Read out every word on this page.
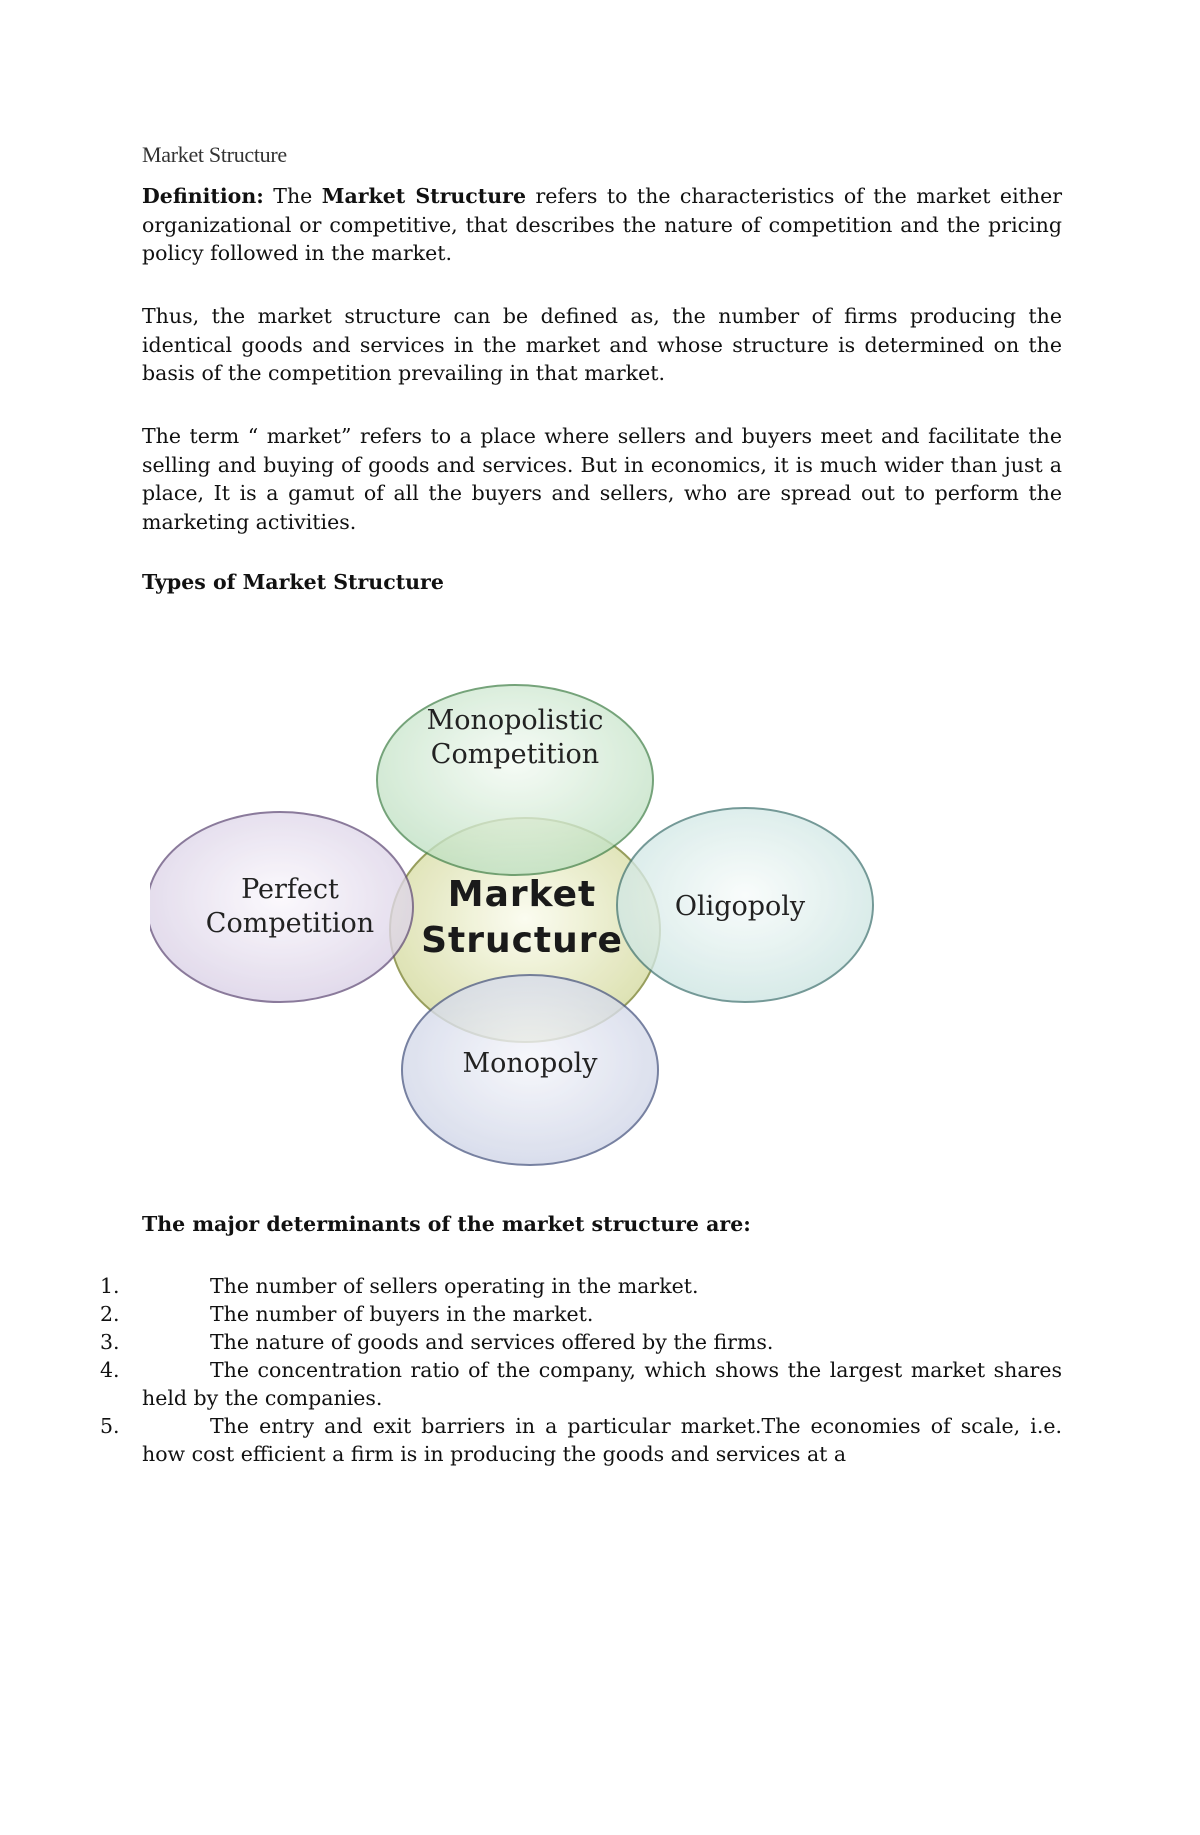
Market Structure

Definition: The Market Structure refers to the characteristics of the market either organizational or competitive, that describes the nature of competition and the pricing policy followed in the market.

Thus, the market structure can be defined as, the number of firms producing the identical goods and services in the market and whose structure is determined on the basis of the competition prevailing in that market.

The term “ market” refers to a place where sellers and buyers meet and facilitate the selling and buying of goods and services. But in economics, it is much wider than just a place, It is a gamut of all the buyers and sellers, who are spread out to perform the marketing activities.

Types of Market Structure

Monopolistic
Competition
Perfect
Competition
Oligopoly
Monopoly
Market
Structure

The major determinants of the market structure are:

1.	The number of sellers operating in the market.
2.	The number of buyers in the market.
3.	The nature of goods and services offered by the firms.
4.	The concentration ratio of the company, which shows the largest market shares held by the companies.
5.	The entry and exit barriers in a particular market.The economies of scale, i.e. how cost efficient a firm is in producing the goods and services at a
